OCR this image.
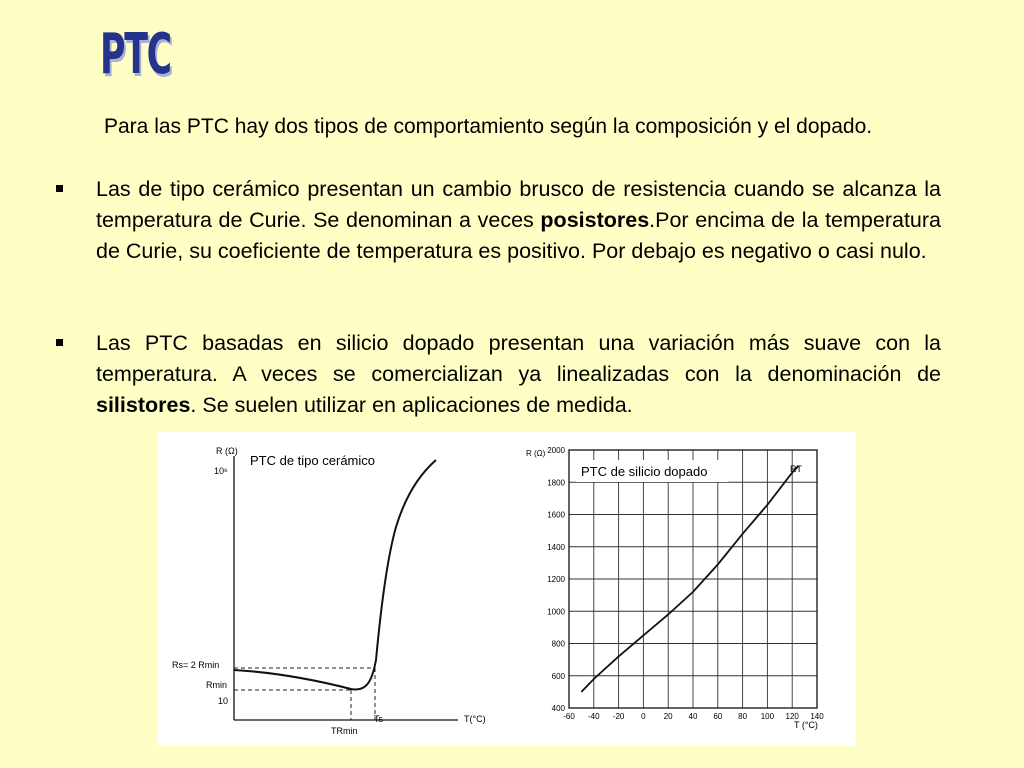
PTC
Para las PTC hay dos tipos de comportamiento según la composición y el dopado.
Las de tipo cerámico presentan un cambio brusco de resistencia cuando se alcanza la temperatura de Curie. Se denominan a veces posistores.Por encima de la temperatura de Curie, su coeficiente de temperatura es positivo. Por debajo es negativo o casi nulo.
Las PTC basadas en silicio dopado presentan una variación más suave con la temperatura. A veces se comercializan ya linealizadas con la denominación de silistores. Se suelen utilizar en aplicaciones de medida.
R (Ω)
PTC de tipo cerámico
10⁶
10
Rs= 2 Rmin
Rmin
TRmin
Ts	T(°C)
R (Ω)
PTC de silicio dopado
400
600
800
1000
1200
1400
1600
1800
2000
-60 -40 -20 0 20 40 60 80 100 120 140
RT
T (°C)
